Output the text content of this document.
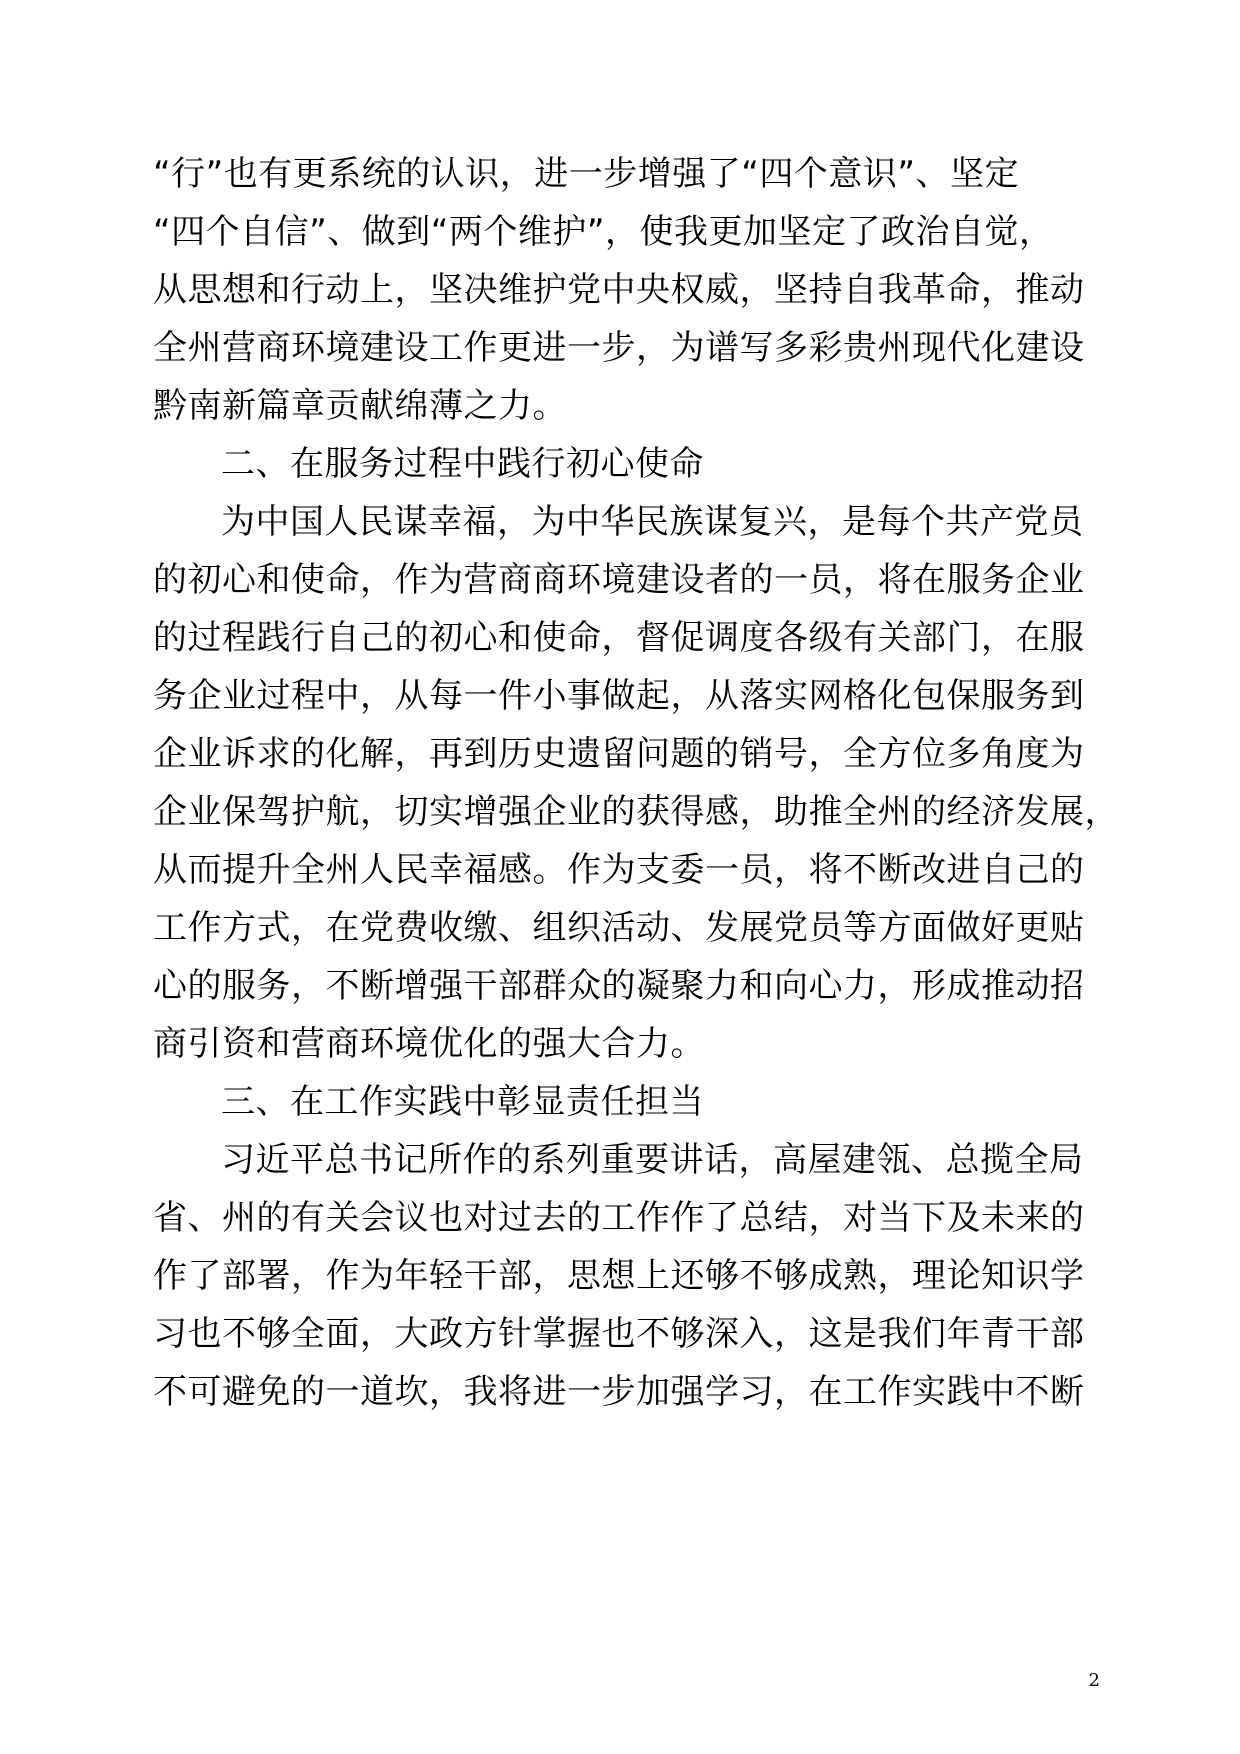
“行”也有更系统的认识，进一步增强了“四个意识”、坚定
“四个自信”、做到“两个维护”，使我更加坚定了政治自觉，
从思想和行动上，坚决维护党中央权威，坚持自我革命，推动
全州营商环境建设工作更进一步，为谱写多彩贵州现代化建设
黔南新篇章贡献绵薄之力。
二、在服务过程中践行初心使命
为中国人民谋幸福，为中华民族谋复兴，是每个共产党员
的初心和使命，作为营商商环境建设者的一员，将在服务企业
的过程践行自己的初心和使命，督促调度各级有关部门，在服
务企业过程中，从每一件小事做起，从落实网格化包保服务到
企业诉求的化解，再到历史遗留问题的销号，全方位多角度为
企业保驾护航，切实增强企业的获得感，助推全州的经济发展，
从而提升全州人民幸福感。作为支委一员，将不断改进自己的
工作方式，在党费收缴、组织活动、发展党员等方面做好更贴
心的服务，不断增强干部群众的凝聚力和向心力，形成推动招
商引资和营商环境优化的强大合力。
三、在工作实践中彰显责任担当
习近平总书记所作的系列重要讲话，高屋建瓴、总揽全局
省、州的有关会议也对过去的工作作了总结，对当下及未来的
作了部署，作为年轻干部，思想上还够不够成熟，理论知识学
习也不够全面，大政方针掌握也不够深入，这是我们年青干部
不可避免的一道坎，我将进一步加强学习，在工作实践中不断
2
